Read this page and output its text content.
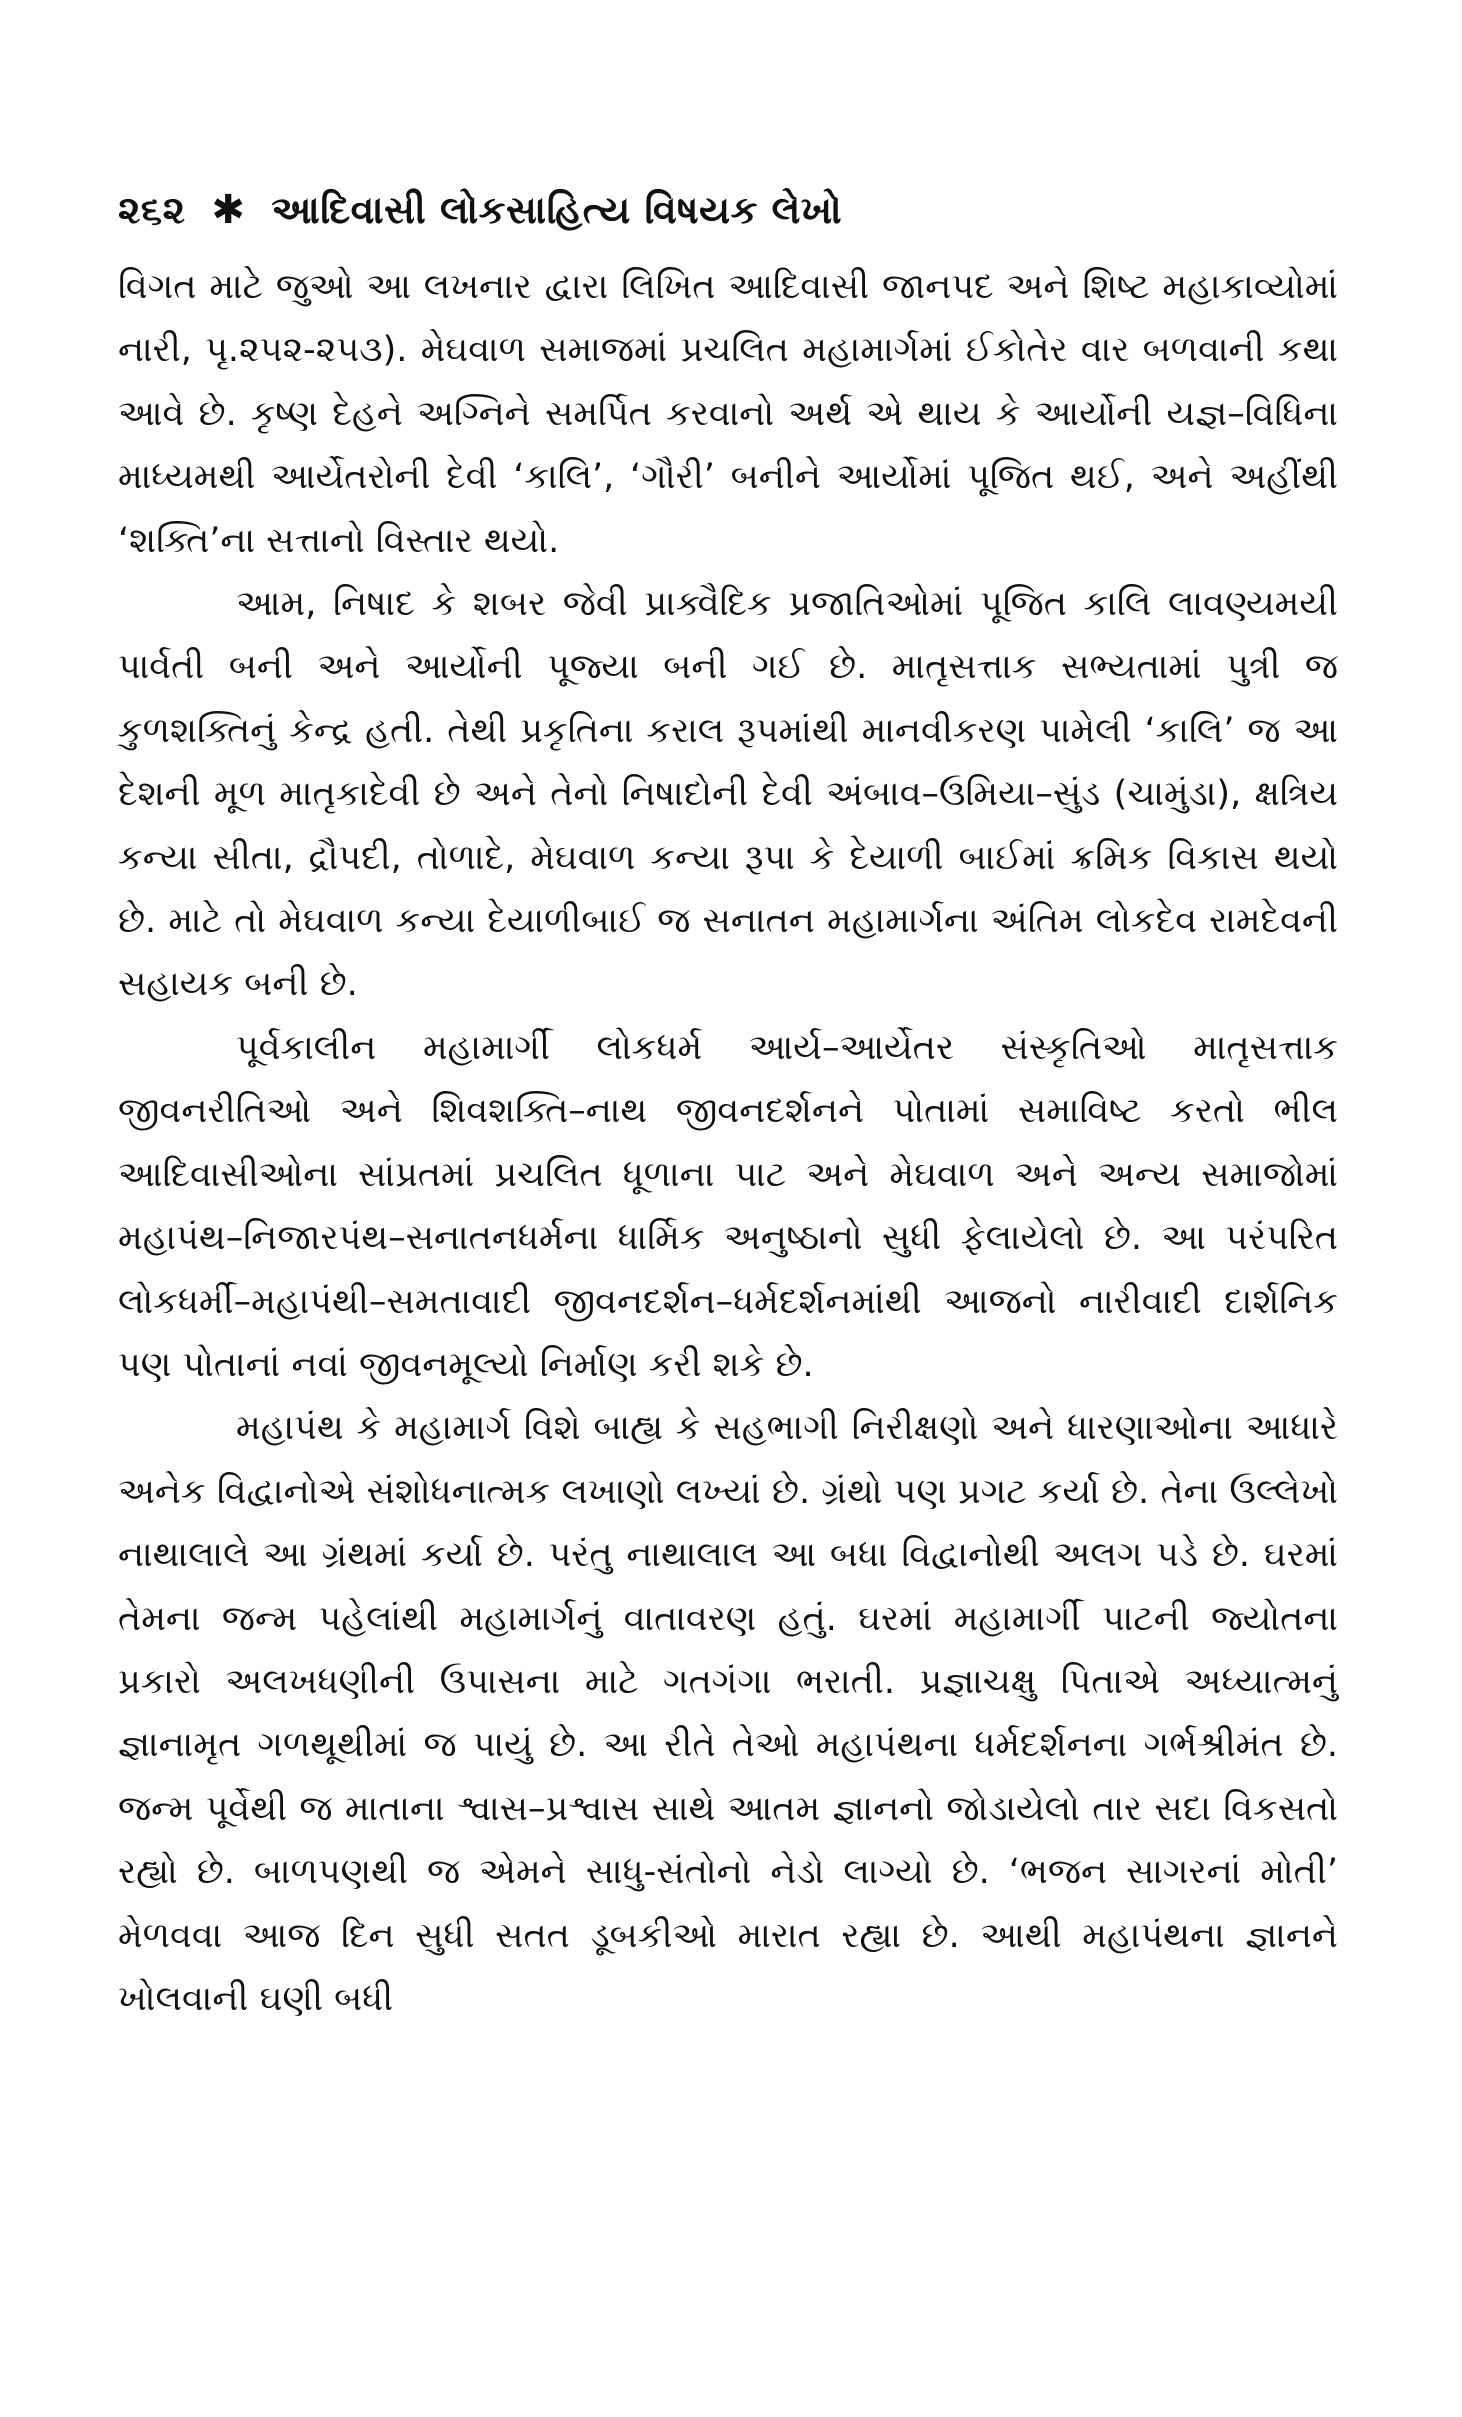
૨૬૨ ✱ આદિવાસી લોકસાહિત્ય વિષયક લેખો

વિગત માટે જુઓ આ લખનાર દ્વારા લિખિત આદિવાસી જાનપદ અને શિષ્ટ મહાકાવ્યોમાં નારી, પૃ.૨૫૨-૨૫૩). મેઘવાળ સમાજમાં પ્રચલિત મહામાર્ગમાં ઈકોતેર વાર બળવાની કથા આવે છે. કૃષ્ણ દેહને અગ્નિને સમર્પિત કરવાનો અર્થ એ થાય કે આર્યોની યજ્ઞ–વિધિના માધ્યમથી આર્યેતરોની દેવી ‘કાલિ’, ‘ગૌરી’ બનીને આર્યોમાં પૂજિત થઈ, અને અહીંથી ‘શક્તિ’ના સત્તાનો વિસ્તાર થયો.

આમ, નિષાદ કે શબર જેવી પ્રાક્વૈદિક પ્રજાતિઓમાં પૂજિત કાલિ લાવણ્યમયી પાર્વતી બની અને આર્યોની પૂજ્યા બની ગઈ છે. માતૃસત્તાક સભ્યતામાં પુત્રી જ કુળશક્તિનું કેન્દ્ર હતી. તેથી પ્રકૃતિના કરાલ રૂપમાંથી માનવીકરણ પામેલી ‘કાલિ’ જ આ દેશની મૂળ માતૃકાદેવી છે અને તેનો નિષાદોની દેવી અંબાવ–ઉમિયા–સુંડ (ચામુંડા), ક્ષત્રિય કન્યા સીતા, દ્રૌપદી, તોળાદે, મેઘવાળ કન્યા રૂપા કે દેયાળી બાઈમાં ક્રમિક વિકાસ થયો છે. માટે તો મેઘવાળ કન્યા દેયાળીબાઈ જ સનાતન મહામાર્ગના અંતિમ લોકદેવ રામદેવની સહાયક બની છે.

પૂર્વકાલીન મહામાર્ગી લોકધર્મ આર્ય–આર્યેતર સંસ્કૃતિઓ માતૃસત્તાક જીવનરીતિઓ અને શિવશક્તિ–નાથ જીવનદર્શનને પોતામાં સમાવિષ્ટ કરતો ભીલ આદિવાસીઓના સાંપ્રતમાં પ્રચલિત ધૂળાના પાટ અને મેઘવાળ અને અન્ય સમાજોમાં મહાપંથ–નિજારપંથ–સનાતનધર્મના ધાર્મિક અનુષ્ઠાનો સુધી ફેલાયેલો છે. આ પરંપરિત લોકધર્મી–મહાપંથી–સમતાવાદી જીવનદર્શન–ધર્મદર્શનમાંથી આજનો નારીવાદી દાર્શનિક પણ પોતાનાં નવાં જીવનમૂલ્યો નિર્માણ કરી શકે છે.

મહાપંથ કે મહામાર્ગ વિશે બાહ્ય કે સહભાગી નિરીક્ષણો અને ધારણાઓના આધારે અનેક વિદ્વાનોએ સંશોધનાત્મક લખાણો લખ્યાં છે. ગ્રંથો પણ પ્રગટ કર્યા છે. તેના ઉલ્લેખો નાથાલાલે આ ગ્રંથમાં કર્યા છે. પરંતુ નાથાલાલ આ બધા વિદ્વાનોથી અલગ પડે છે. ઘરમાં તેમના જન્મ પહેલાંથી મહામાર્ગનું વાતાવરણ હતું. ઘરમાં મહામાર્ગી પાટની જ્યોતના પ્રકારો અલખધણીની ઉપાસના માટે ગતગંગા ભરાતી. પ્રજ્ઞાચક્ષુ પિતાએ અધ્યાત્મનું જ્ઞાનામૃત ગળથૂથીમાં જ પાયું છે. આ રીતે તેઓ મહાપંથના ધર્મદર્શનના ગર્ભશ્રીમંત છે. જન્મ પૂર્વેથી જ માતાના શ્વાસ–પ્રશ્વાસ સાથે આતમ જ્ઞાનનો જોડાયેલો તાર સદા વિકસતો રહ્યો છે. બાળપણથી જ એમને સાધુ-સંતોનો નેડો લાગ્યો છે. ‘ભજન સાગરનાં મોતી’ મેળવવા આજ દિન સુધી સતત ડૂબકીઓ મારાત રહ્યા છે. આથી મહાપંથના જ્ઞાનને ખોલવાની ઘણી બધી
